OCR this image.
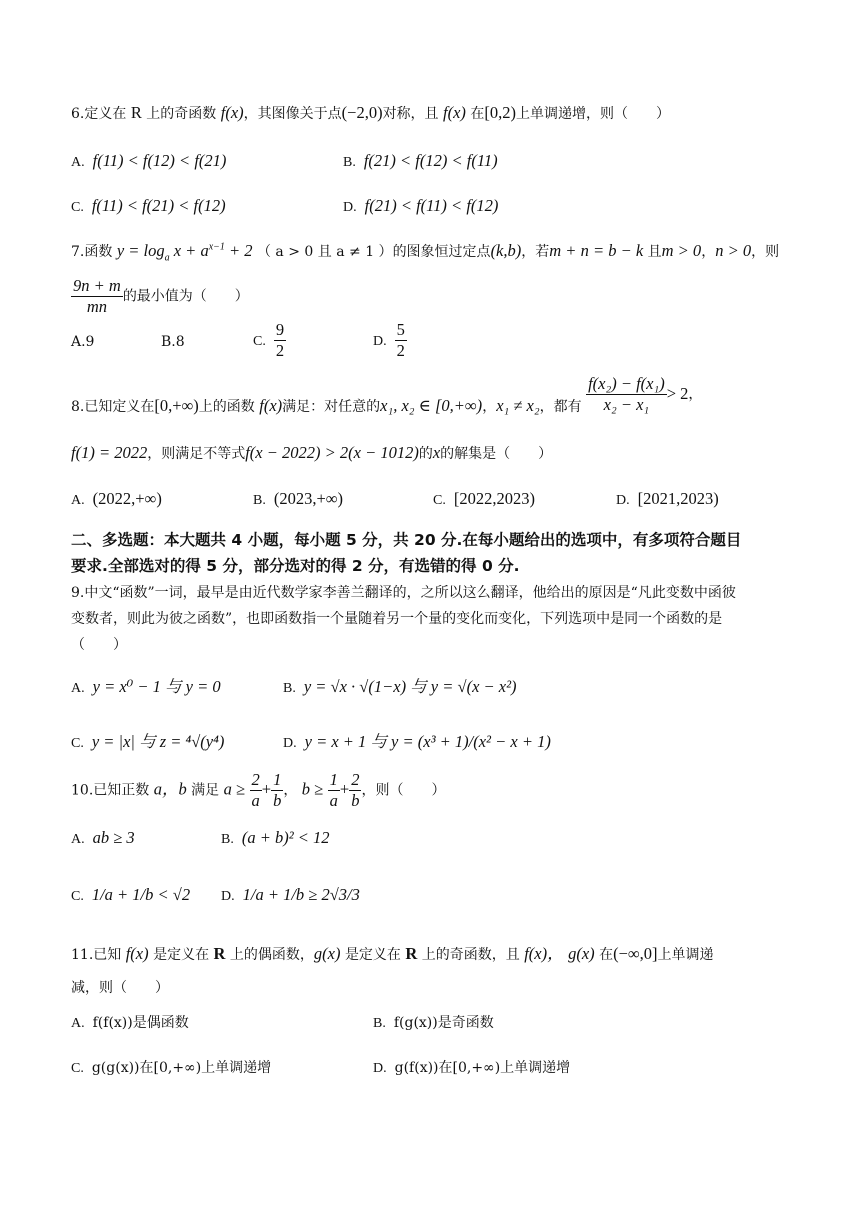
6.定义在 R 上的奇函数 f(x)，其图像关于点(−2,0)对称，且 f(x) 在[0,2)上单调递增，则（　　）
A. f(11) < f(12) < f(21)	B. f(21) < f(12) < f(11)
C. f(11) < f(21) < f(12)	D. f(21) < f(11) < f(12)
7.函数 $y = \log_a x + a^{x-1} + 2$ （ a > 0 且 a ≠ 1 ）的图象恒过定点(k,b)，若m + n = b − k 且m > 0，n > 0，则
$\frac{9n + m}{mn}$ 的最小值为（　　）
A.9	B.8	C. $\frac{9}{2}$	D. $\frac{5}{2}$
8.已知定义在[0,+∞)上的函数 f(x)满足：对任意的x₁, x₂ ∈ [0,+∞)，x₁ ≠ x₂，都有 $\frac{\text{f(x₂) − f(x₁)}}{\text{x₂ − x₁}} > 2$，
f(1) = 2022，则满足不等式f(x − 2022) > 2(x − 1012)的x的解集是（　　）
A. (2022,+∞)	B. (2023,+∞)	C. [2022,2023)	D. [2021,2023)
二、多选题：本大题共 4 小题，每小题 5 分，共 20 分.在每小题给出的选项中，有多项符合题目
要求.全部选对的得 5 分，部分选对的得 2 分，有选错的得 0 分.
9.中文“函数”一词，最早是由近代数学家李善兰翻译的，之所以这么翻译，他给出的原因是“凡此变数中函彼
变数者，则此为彼之函数”，也即函数指一个量随着另一个量的变化而变化，下列选项中是同一个函数的是
（　　）
A. y = x⁰ − 1 与 y = 0	B. y = √x · √(1−x) 与 y = √(x − x²)
C. y = |x| 与 z = ⁴√(y⁴)	D. y = x + 1 与 y = (x³ + 1)/(x² − x + 1)
10.已知正数 a，b 满足 $a \ge \frac{2}{a} + \frac{1}{b}$ ， $b \ge \frac{1}{a} + \frac{2}{b}$ ，则（　　）
A. ab ≥ 3	B. (a + b)² < 12
C. 1/a + 1/b < √2 D. 1/a + 1/b ≥ 2√3/3
11.已知 f(x) 是定义在 R 上的偶函数，g(x) 是定义在 R 上的奇函数，且 f(x)， g(x) 在(−∞,0]上单调递
减，则（　　）
A. f(f(x))是偶函数	B. f(g(x))是奇函数
C. g(g(x))在[0,+∞)上单调递增	D. g(f(x))在[0,+∞)上单调递增
